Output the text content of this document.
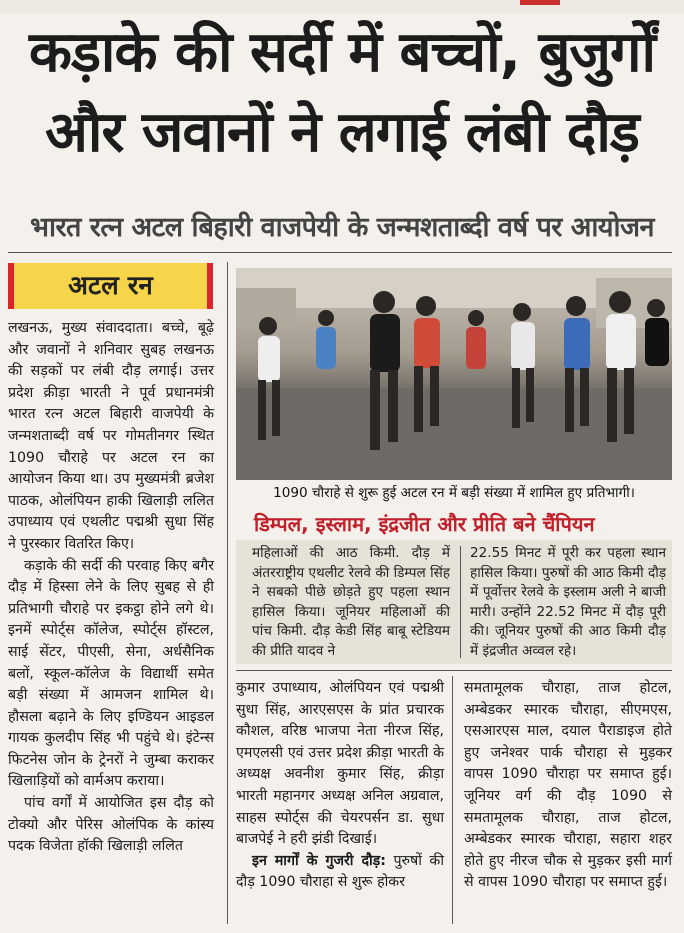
कड़ाके की सर्दी में बच्चों, बुजुर्गों
और जवानों ने लगाई लंबी दौड़
भारत रत्न अटल बिहारी वाजपेयी के जन्मशताब्दी वर्ष पर आयोजन
अटल रन

लखनऊ, मुख्य संवाददाता। बच्चे, बूढ़े और जवानों ने शनिवार सुबह लखनऊ की सड़कों पर लंबी दौड़ लगाई। उत्तर प्रदेश क्रीड़ा भारती ने पूर्व प्रधानमंत्री भारत रत्न अटल बिहारी वाजपेयी के जन्मशताब्दी वर्ष पर गोमतीनगर स्थित 1090 चौराहे पर अटल रन का आयोजन किया था। उप मुख्यमंत्री ब्रजेश पाठक, ओलंपियन हाकी खिलाड़ी ललित उपाध्याय एवं एथलीट पद्मश्री सुधा सिंह ने पुरस्कार वितरित किए।

कड़ाके की सर्दी की परवाह किए बगैर दौड़ में हिस्सा लेने के लिए सुबह से ही प्रतिभागी चौराहे पर इकट्ठा होने लगे थे। इनमें स्पोर्ट्स कॉलेज, स्पोर्ट्स हॉस्टल, साई सेंटर, पीएसी, सेना, अर्धसैनिक बलों, स्कूल-कॉलेज के विद्यार्थी समेत बड़ी संख्या में आमजन शामिल थे। हौसला बढ़ाने के लिए इण्डियन आइडल गायक कुलदीप सिंह भी पहुंचे थे। इंटेन्स फिटनेस जोन के ट्रेनरों ने जुम्बा कराकर खिलाड़ियों को वार्मअप कराया।

पांच वर्गों में आयोजित इस दौड़ को टोक्यो और पेरिस ओलंपिक के कांस्य पदक विजेता हॉकी खिलाड़ी ललित

1090 चौराहे से शुरू हुई अटल रन में बड़ी संख्या में शामिल हुए प्रतिभागी।
डिम्पल, इस्लाम, इंद्रजीत और प्रीति बने चैंपियन
महिलाओं की आठ किमी. दौड़ में अंतरराष्ट्रीय एथलीट रेलवे की डिम्पल सिंह ने सबको पीछे छोड़ते हुए पहला स्थान हासिल किया। जूनियर महिलाओं की पांच किमी. दौड़ केडी सिंह बाबू स्टेडियम की प्रीति यादव ने
22.55 मिनट में पूरी कर पहला स्थान हासिल किया। पुरुषों की आठ किमी दौड़ में पूर्वोत्तर रेलवे के इस्लाम अली ने बाजी मारी। उन्होंने 22.52 मिनट में दौड़ पूरी की। जूनियर पुरुषों की आठ किमी दौड़ में इंद्रजीत अव्वल रहे।

कुमार उपाध्याय, ओलंपियन एवं पद्मश्री सुधा सिंह, आरएसएस के प्रांत प्रचारक कौशल, वरिष्ठ भाजपा नेता नीरज सिंह, एमएलसी एवं उत्तर प्रदेश क्रीड़ा भारती के अध्यक्ष अवनीश कुमार सिंह, क्रीड़ा भारती महानगर अध्यक्ष अनिल अग्रवाल, साहस स्पोर्ट्स की चेयरपर्सन डा. सुधा बाजपेई ने हरी झंडी दिखाई।

इन मार्गों के गुजरी दौड़: पुरुषों की दौड़ 1090 चौराहा से शुरू होकर

समतामूलक चौराहा, ताज होटल, अम्बेडकर स्मारक चौराहा, सीएमएस, एसआरएस माल, दयाल पैराडाइज होते हुए जनेश्वर पार्क चौराहा से मुड़कर वापस 1090 चौराहा पर समाप्त हुई। जूनियर वर्ग की दौड़ 1090 से समतामूलक चौराहा, ताज होटल, अम्बेडकर स्मारक चौराहा, सहारा शहर होते हुए नीरज चौक से मुड़कर इसी मार्ग से वापस 1090 चौराहा पर समाप्त हुई।
